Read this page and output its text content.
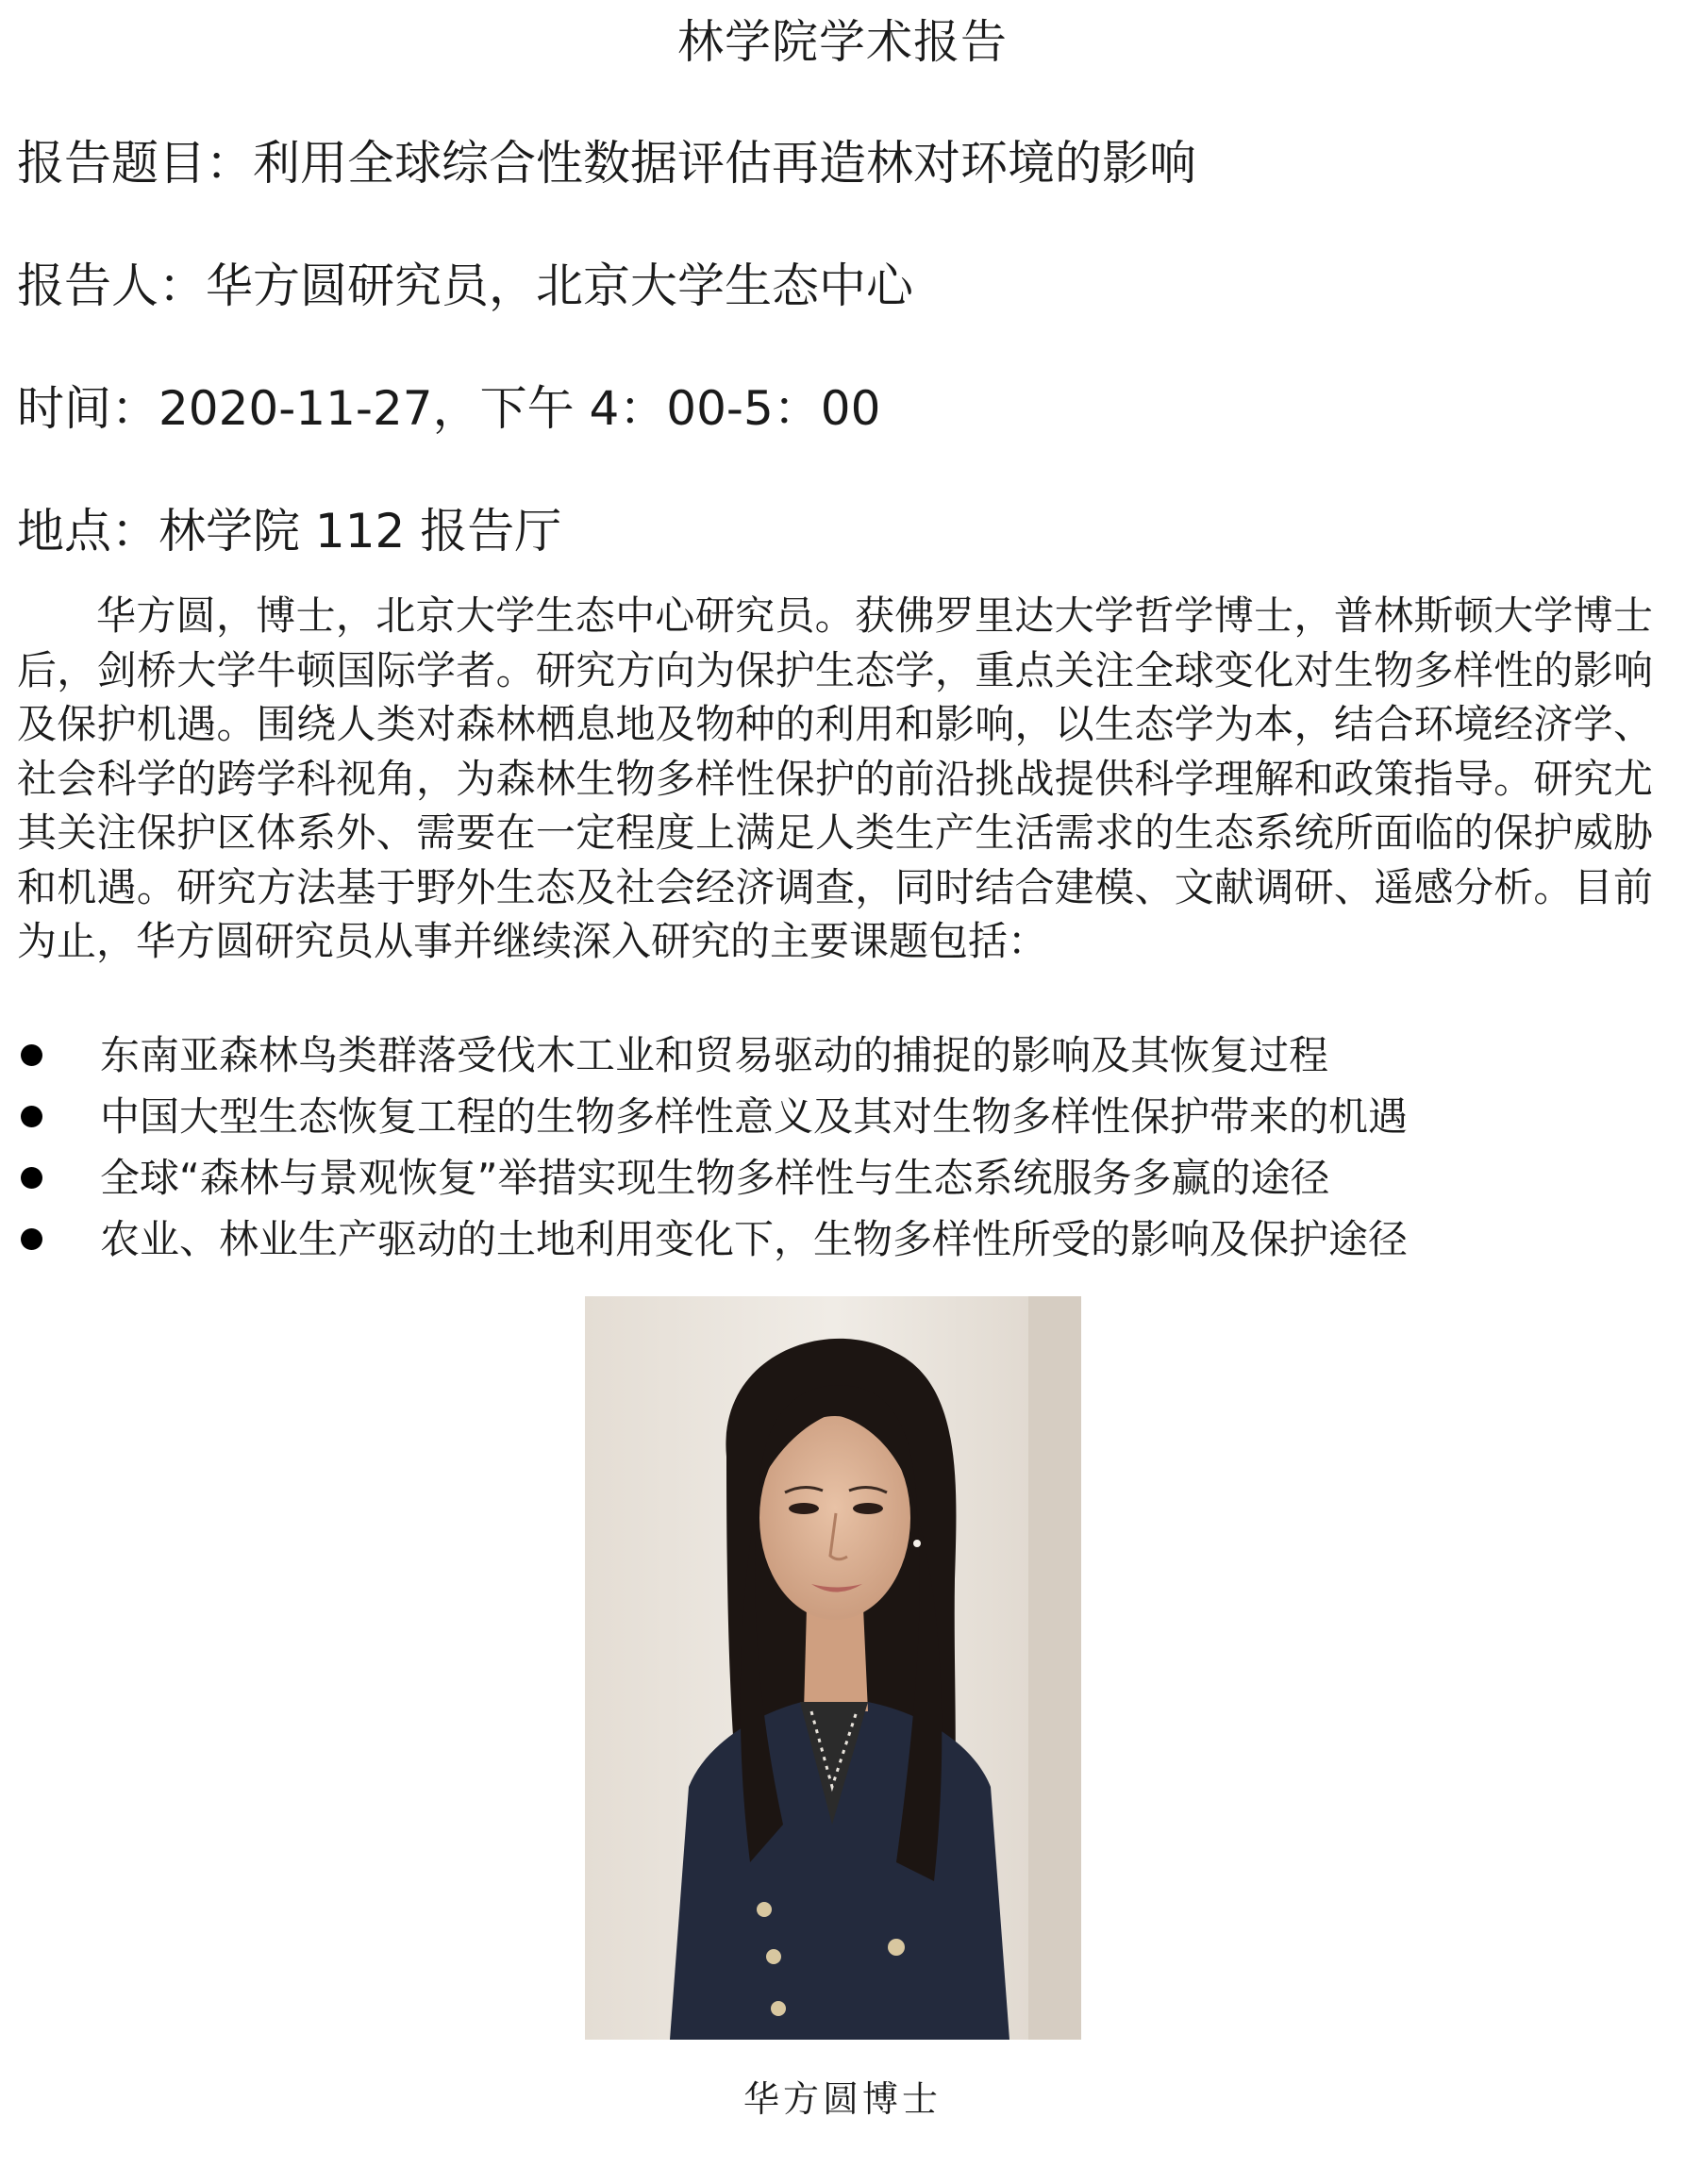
林学院学术报告
报告题目：利用全球综合性数据评估再造林对环境的影响
报告人：华方圆研究员，北京大学生态中心
时间：2020-11-27，下午 4：00-5：00
地点：林学院 112 报告厅

华方圆，博士，北京大学生态中心研究员。获佛罗里达大学哲学博士，普林斯顿大学博士后，剑桥大学牛顿国际学者。研究方向为保护生态学，重点关注全球变化对生物多样性的影响及保护机遇。围绕人类对森林栖息地及物种的利用和影响，以生态学为本，结合环境经济学、社会科学的跨学科视角，为森林生物多样性保护的前沿挑战提供科学理解和政策指导。研究尤其关注保护区体系外、需要在一定程度上满足人类生产生活需求的生态系统所面临的保护威胁和机遇。研究方法基于野外生态及社会经济调查，同时结合建模、文献调研、遥感分析。目前为止，华方圆研究员从事并继续深入研究的主要课题包括：

东南亚森林鸟类群落受伐木工业和贸易驱动的捕捉的影响及其恢复过程
中国大型生态恢复工程的生物多样性意义及其对生物多样性保护带来的机遇
全球“森林与景观恢复”举措实现生物多样性与生态系统服务多赢的途径
农业、林业生产驱动的土地利用变化下，生物多样性所受的影响及保护途径
华方圆博士
